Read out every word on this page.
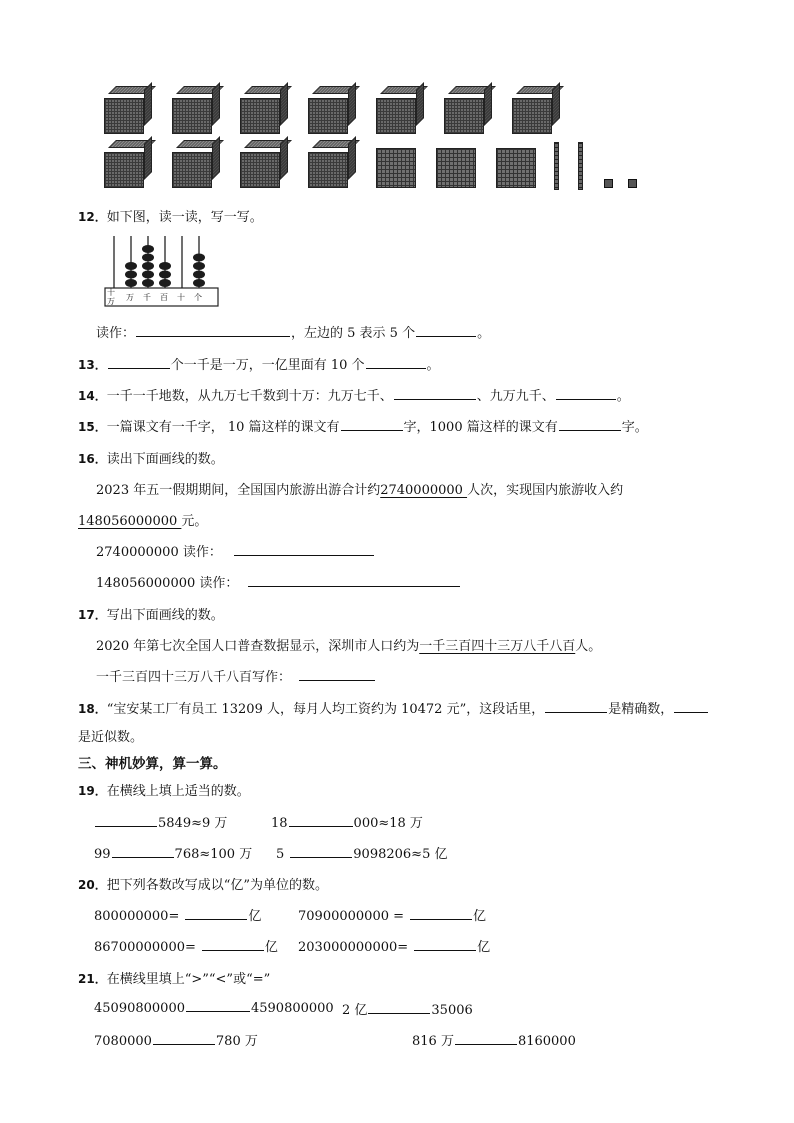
12．如下图，读一读，写一写。
十万 万 千 百 十 个
读作：	，左边的 5 表示 5 个	。
13．	个一千是一万，一亿里面有 10 个	。
14．一千一千地数，从九万七千数到十万：九万七千、	、九万九千、	。
15．一篇课文有一千字， 10 篇这样的课文有	字，1000 篇这样的课文有	字。
16．读出下面画线的数。
2023 年五一假期期间，全国国内旅游出游合计约2740000000 人次，实现国内旅游收入约
148056000000 元。
2740000000 读作：
148056000000 读作：
17．写出下面画线的数。
2020 年第七次全国人口普查数据显示，深圳市人口约为一千三百四十三万八千八百人。
一千三百四十三万八千八百写作：
18．“宝安某工厂有员工 13209 人，每月人均工资约为 10472 元”，这段话里，	是精确数，
是近似数。
三、神机妙算，算一算。
19．在横线上填上适当的数。
5849≈9 万	18	000≈18 万
99	768≈100 万 5	9098206≈5 亿
20．把下列各数改写成以“亿”为单位的数。
800000000=	亿	70900000000 =	亿
86700000000=	亿 203000000000=	亿
21．在横线里填上“>”“<”或“=”
45090800000	4590800000 2 亿	35006
7080000	780 万	816 万	8160000
